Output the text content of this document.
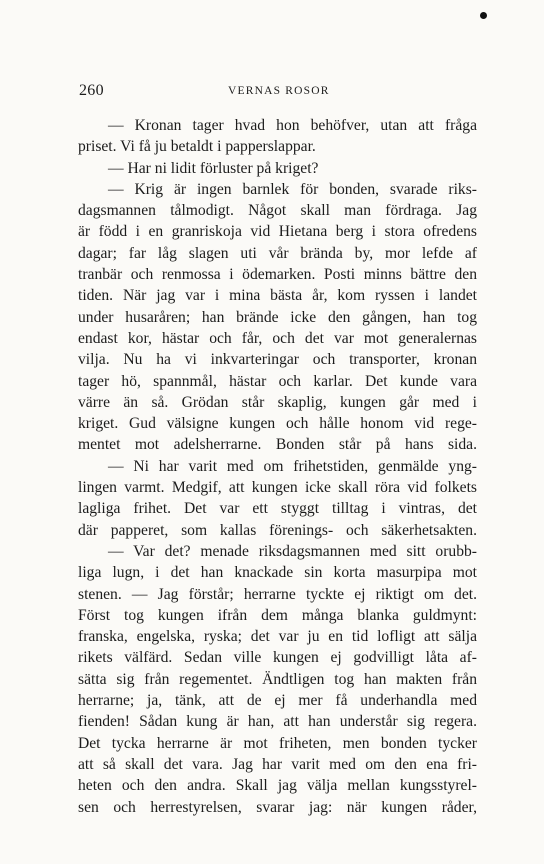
260	VERNAS ROSOR
— Kronan tager hvad hon behöfver, utan att fråga
priset. Vi få ju betaldt i papperslappar.
— Har ni lidit förluster på kriget?
— Krig är ingen barnlek för bonden, svarade riks-
dagsmannen tålmodigt. Något skall man fördraga. Jag
är född i en granriskoja vid Hietana berg i stora ofredens
dagar; far låg slagen uti vår brända by, mor lefde af
tranbär och renmossa i ödemarken. Posti minns bättre den
tiden. När jag var i mina bästa år, kom ryssen i landet
under husaråren; han brände icke den gången, han tog
endast kor, hästar och får, och det var mot generalernas
vilja. Nu ha vi inkvarteringar och transporter, kronan
tager hö, spannmål, hästar och karlar. Det kunde vara
värre än så. Grödan står skaplig, kungen går med i
kriget. Gud välsigne kungen och hålle honom vid rege-
mentet mot adelsherrarne. Bonden står på hans sida.
— Ni har varit med om frihetstiden, genmälde yng-
lingen varmt. Medgif, att kungen icke skall röra vid folkets
lagliga frihet. Det var ett styggt tilltag i vintras, det
där papperet, som kallas förenings- och säkerhetsakten.
— Var det? menade riksdagsmannen med sitt orubb-
liga lugn, i det han knackade sin korta masurpipa mot
stenen. — Jag förstår; herrarne tyckte ej riktigt om det.
Först tog kungen ifrån dem många blanka guldmynt:
franska, engelska, ryska; det var ju en tid lofligt att sälja
rikets välfärd. Sedan ville kungen ej godvilligt låta af-
sätta sig från regementet. Ändtligen tog han makten från
herrarne; ja, tänk, att de ej mer få underhandla med
fienden! Sådan kung är han, att han understår sig regera.
Det tycka herrarne är mot friheten, men bonden tycker
att så skall det vara. Jag har varit med om den ena fri-
heten och den andra. Skall jag välja mellan kungsstyrel-
sen och herrestyrelsen, svarar jag: när kungen råder,
